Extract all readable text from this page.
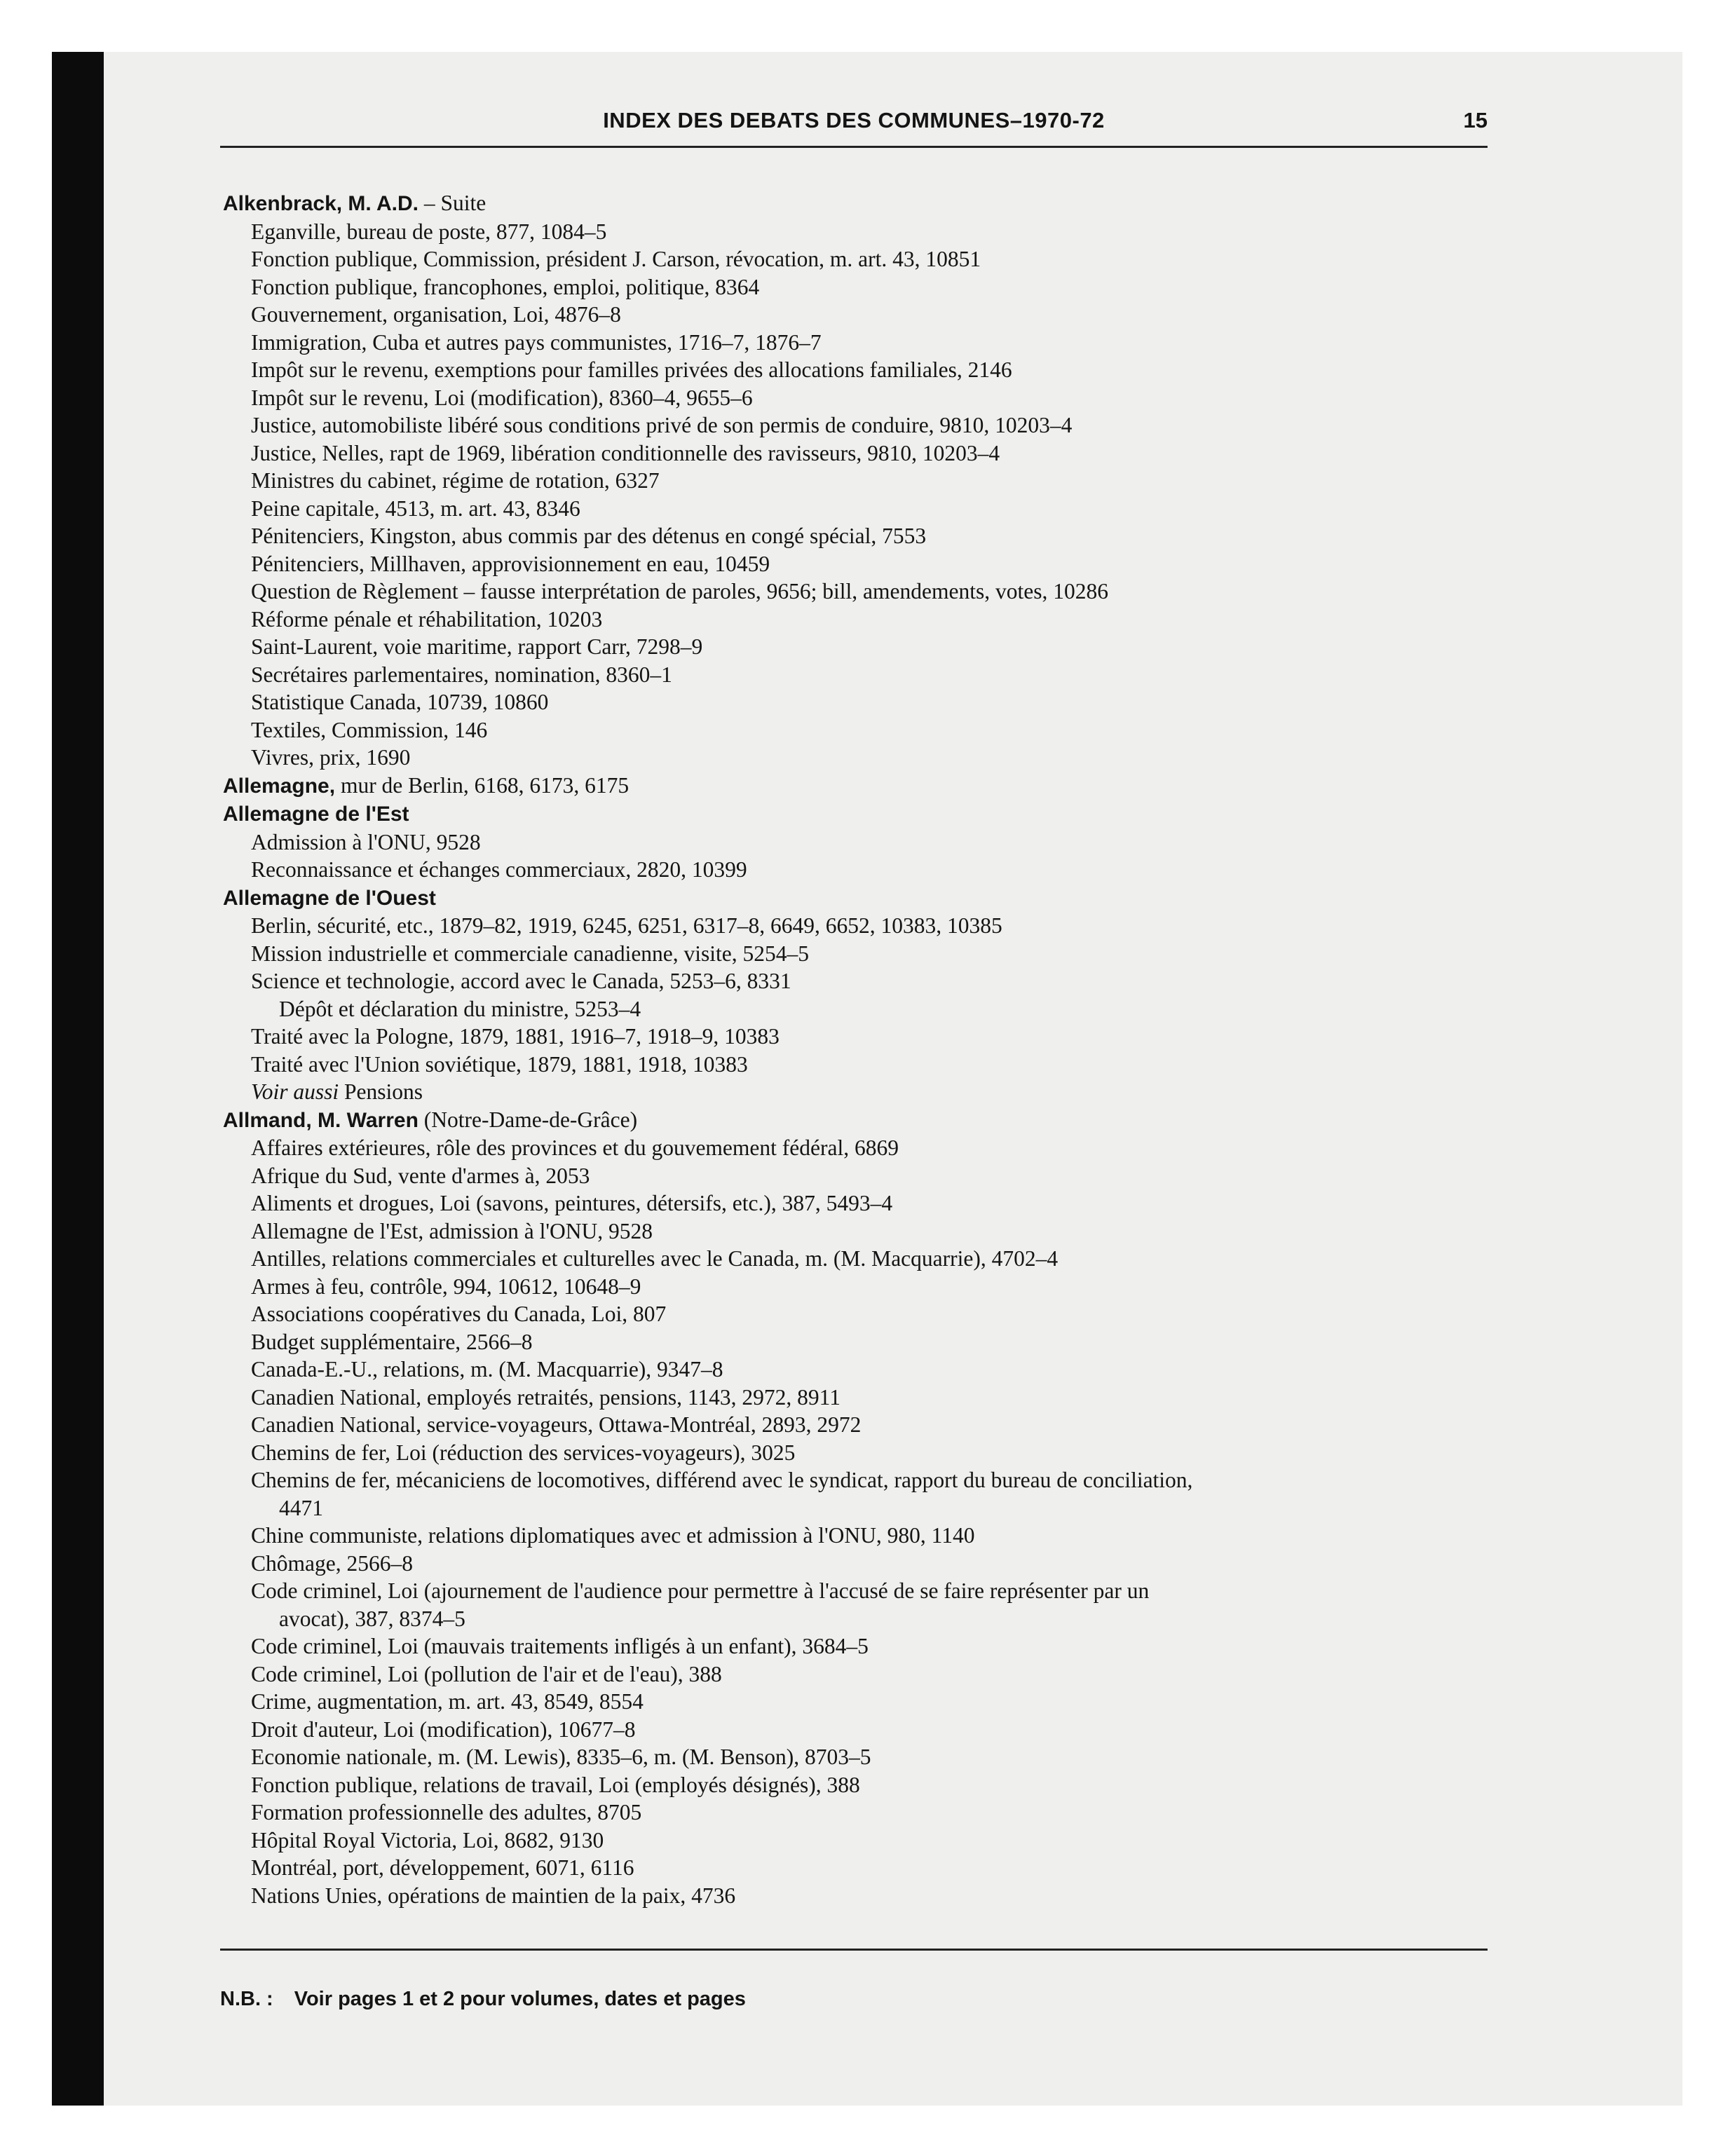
INDEX DES DEBATS DES COMMUNES–1970-72	15
Alkenbrack, M. A.D. – Suite
Eganville, bureau de poste, 877, 1084–5
Fonction publique, Commission, président J. Carson, révocation, m. art. 43, 10851
Fonction publique, francophones, emploi, politique, 8364
Gouvernement, organisation, Loi, 4876–8
Immigration, Cuba et autres pays communistes, 1716–7, 1876–7
Impôt sur le revenu, exemptions pour familles privées des allocations familiales, 2146
Impôt sur le revenu, Loi (modification), 8360–4, 9655–6
Justice, automobiliste libéré sous conditions privé de son permis de conduire, 9810, 10203–4
Justice, Nelles, rapt de 1969, libération conditionnelle des ravisseurs, 9810, 10203–4
Ministres du cabinet, régime de rotation, 6327
Peine capitale, 4513, m. art. 43, 8346
Pénitenciers, Kingston, abus commis par des détenus en congé spécial, 7553
Pénitenciers, Millhaven, approvisionnement en eau, 10459
Question de Règlement – fausse interprétation de paroles, 9656; bill, amendements, votes, 10286
Réforme pénale et réhabilitation, 10203
Saint-Laurent, voie maritime, rapport Carr, 7298–9
Secrétaires parlementaires, nomination, 8360–1
Statistique Canada, 10739, 10860
Textiles, Commission, 146
Vivres, prix, 1690
Allemagne, mur de Berlin, 6168, 6173, 6175
Allemagne de l'Est
Admission à l'ONU, 9528
Reconnaissance et échanges commerciaux, 2820, 10399
Allemagne de l'Ouest
Berlin, sécurité, etc., 1879–82, 1919, 6245, 6251, 6317–8, 6649, 6652, 10383, 10385
Mission industrielle et commerciale canadienne, visite, 5254–5
Science et technologie, accord avec le Canada, 5253–6, 8331
Dépôt et déclaration du ministre, 5253–4
Traité avec la Pologne, 1879, 1881, 1916–7, 1918–9, 10383
Traité avec l'Union soviétique, 1879, 1881, 1918, 10383
Voir aussi Pensions
Allmand, M. Warren (Notre-Dame-de-Grâce)
Affaires extérieures, rôle des provinces et du gouvemement fédéral, 6869
Afrique du Sud, vente d'armes à, 2053
Aliments et drogues, Loi (savons, peintures, détersifs, etc.), 387, 5493–4
Allemagne de l'Est, admission à l'ONU, 9528
Antilles, relations commerciales et culturelles avec le Canada, m. (M. Macquarrie), 4702–4
Armes à feu, contrôle, 994, 10612, 10648–9
Associations coopératives du Canada, Loi, 807
Budget supplémentaire, 2566–8
Canada-E.-U., relations, m. (M. Macquarrie), 9347–8
Canadien National, employés retraités, pensions, 1143, 2972, 8911
Canadien National, service-voyageurs, Ottawa-Montréal, 2893, 2972
Chemins de fer, Loi (réduction des services-voyageurs), 3025
Chemins de fer, mécaniciens de locomotives, différend avec le syndicat, rapport du bureau de conciliation,
4471
Chine communiste, relations diplomatiques avec et admission à l'ONU, 980, 1140
Chômage, 2566–8
Code criminel, Loi (ajournement de l'audience pour permettre à l'accusé de se faire représenter par un
avocat), 387, 8374–5
Code criminel, Loi (mauvais traitements infligés à un enfant), 3684–5
Code criminel, Loi (pollution de l'air et de l'eau), 388
Crime, augmentation, m. art. 43, 8549, 8554
Droit d'auteur, Loi (modification), 10677–8
Economie nationale, m. (M. Lewis), 8335–6, m. (M. Benson), 8703–5
Fonction publique, relations de travail, Loi (employés désignés), 388
Formation professionnelle des adultes, 8705
Hôpital Royal Victoria, Loi, 8682, 9130
Montréal, port, développement, 6071, 6116
Nations Unies, opérations de maintien de la paix, 4736
N.B. : Voir pages 1 et 2 pour volumes, dates et pages
